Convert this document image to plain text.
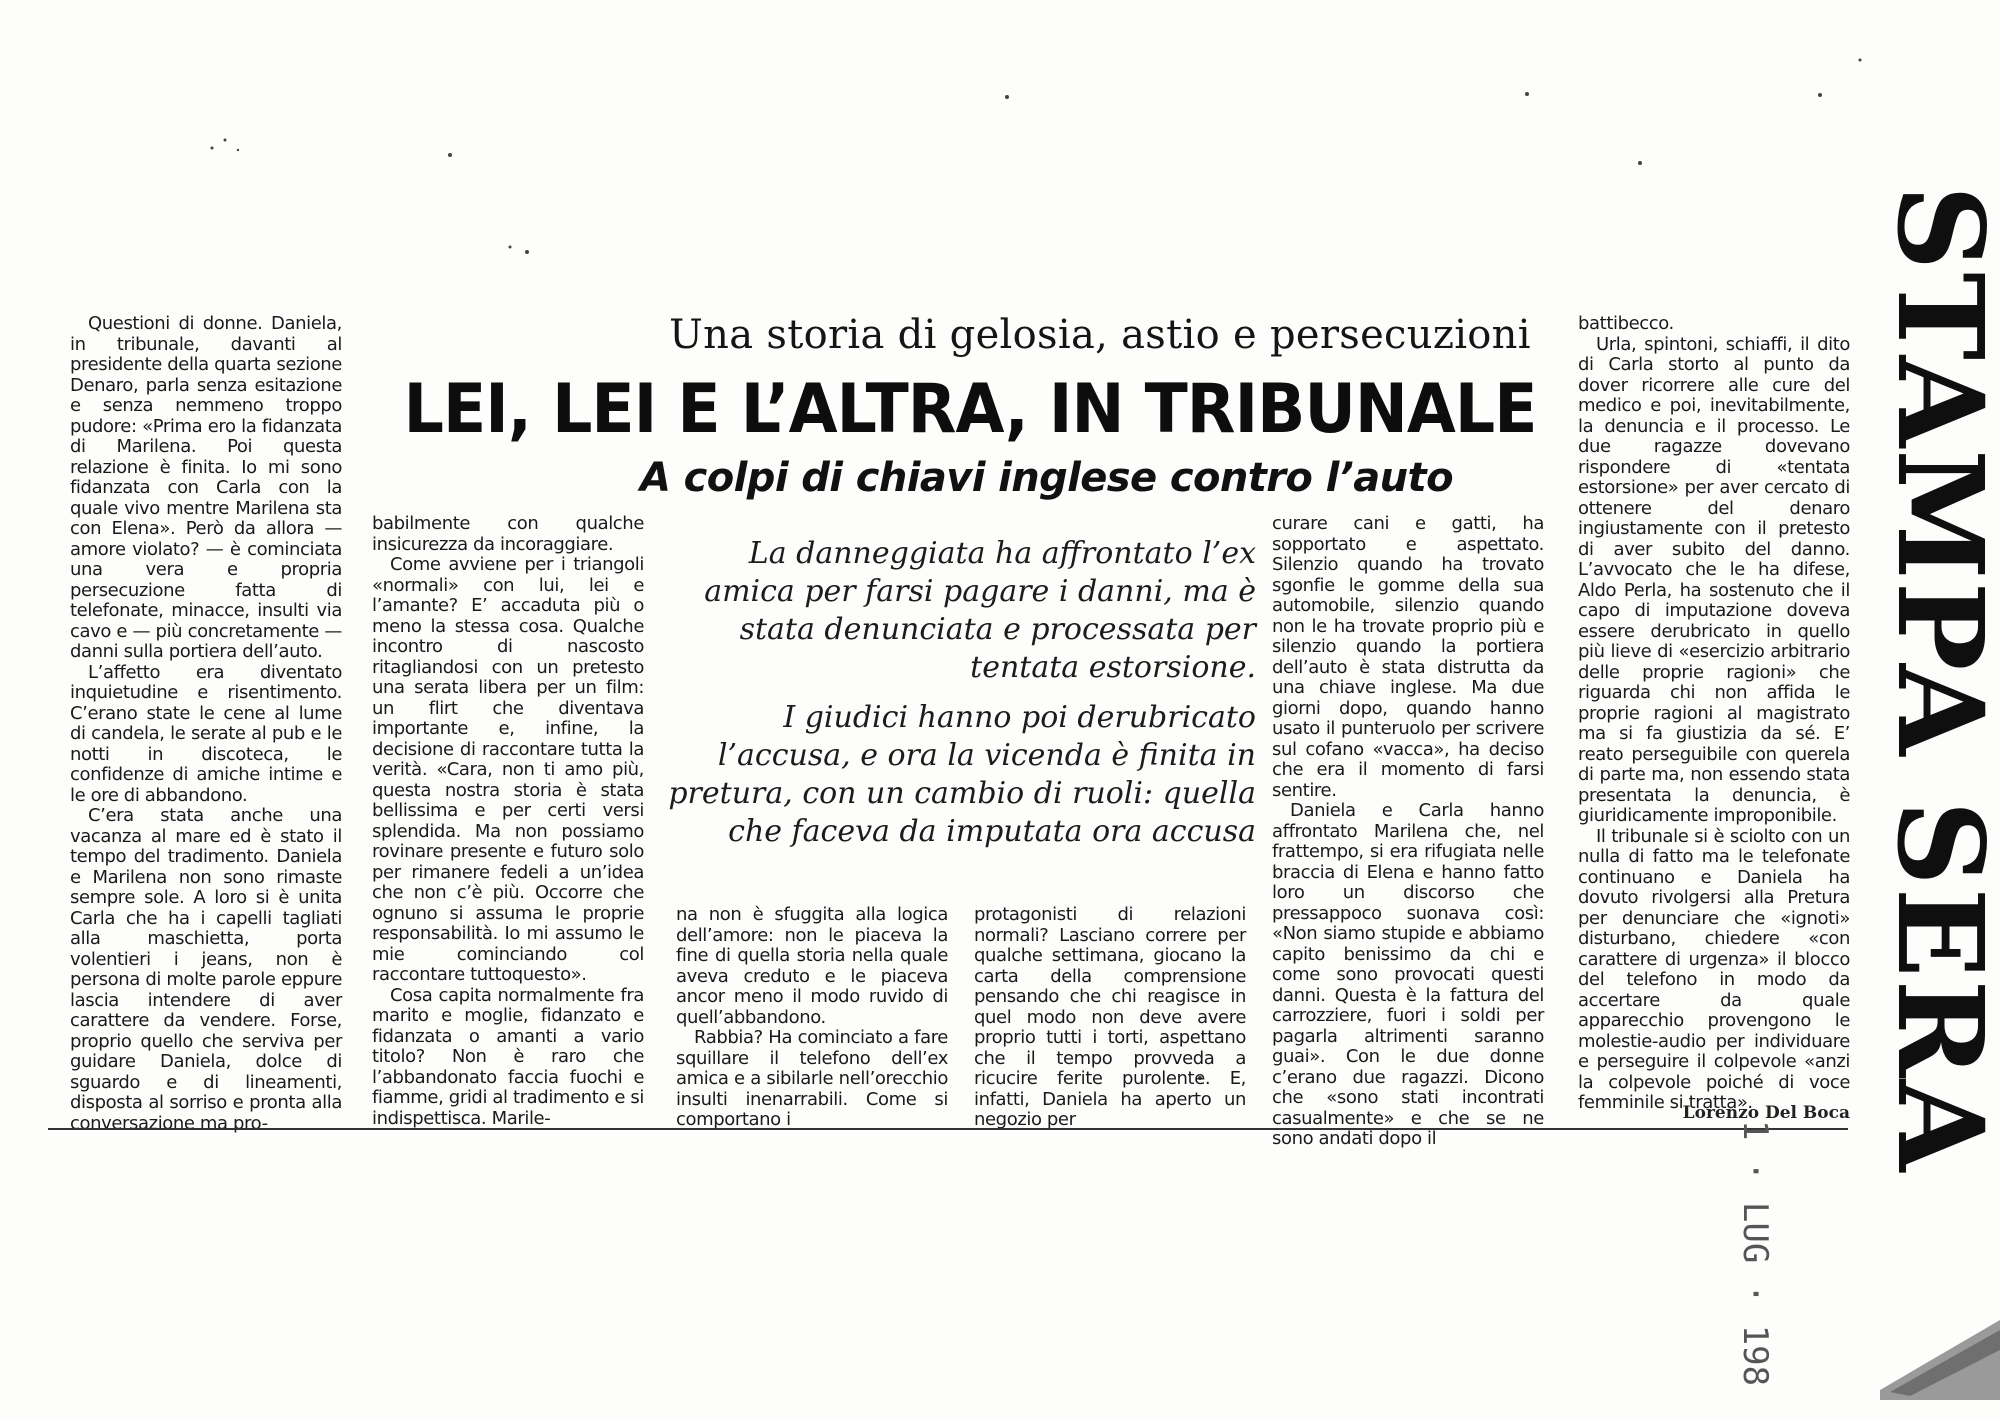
Una storia di gelosia, astio e persecuzioni
LEI, LEI E L’ALTRA, IN TRIBUNALE
A colpi di chiavi inglese contro l’auto

La danneggiata ha affrontato l’ex amica per farsi pagare i danni, ma è stata denunciata e processata per tentata estorsione.

I giudici hanno poi derubricato l’accusa, e ora la vicenda è finita in pretura, con un cambio di ruoli: quella che faceva da imputata ora accusa

Questioni di donne. Daniela, in tribunale, davanti al presidente della quarta sezione Denaro, parla senza esitazione e senza nemmeno troppo pudore: «Prima ero la fidanzata di Marilena. Poi questa relazione è finita. Io mi sono fidanzata con Carla con la quale vivo mentre Marilena sta con Elena». Però da allora — amore violato? — è cominciata una vera e propria persecuzione fatta di telefonate, minacce, insulti via cavo e — più concretamente — danni sulla portiera dell’auto.

L’affetto era diventato inquietudine e risentimento. C’erano state le cene al lume di candela, le serate al pub e le notti in discoteca, le confidenze di amiche intime e le ore di abbandono.

C’era stata anche una vacanza al mare ed è stato il tempo del tradimento. Daniela e Marilena non sono rimaste sempre sole. A loro si è unita Carla che ha i capelli tagliati alla maschietta, porta volentieri i jeans, non è persona di molte parole eppure lascia intendere di aver carattere da vendere. Forse, proprio quello che serviva per guidare Daniela, dolce di sguardo e di lineamenti, disposta al sorriso e pronta alla conversazione ma pro-

babilmente con qualche insicurezza da incoraggiare.

Come avviene per i triangoli «normali» con lui, lei e l’amante? E’ accaduta più o meno la stessa cosa. Qualche incontro di nascosto ritagliandosi con un pretesto una serata libera per un film: un flirt che diventava importante e, infine, la decisione di raccontare tutta la verità. «Cara, non ti amo più, questa nostra storia è stata bellissima e per certi versi splendida. Ma non possiamo rovinare presente e futuro solo per rimanere fedeli a un’idea che non c’è più. Occorre che ognuno si assuma le proprie responsabilità. Io mi assumo le mie cominciando col raccontare tuttoquesto».

Cosa capita normalmente fra marito e moglie, fidanzato e fidanzata o amanti a vario titolo? Non è raro che l’abbandonato faccia fuochi e fiamme, gridi al tradimento e si indispettisca. Marile-

na non è sfuggita alla logica dell’amore: non le piaceva la fine di quella storia nella quale aveva creduto e le piaceva ancor meno il modo ruvido di quell’abbandono.

Rabbia? Ha cominciato a fare squillare il telefono dell’ex amica e a sibilarle nell’orecchio insulti inenarrabili. Come si comportano i

protagonisti di relazioni normali? Lasciano correre per qualche settimana, giocano la carta della comprensione pensando che chi reagisce in quel modo non deve avere proprio tutti i torti, aspettano che il tempo provveda a ricucire ferite purolente. E, infatti, Daniela ha aperto un negozio per

curare cani e gatti, ha sopportato e aspettato. Silenzio quando ha trovato sgonfie le gomme della sua automobile, silenzio quando non le ha trovate proprio più e silenzio quando la portiera dell’auto è stata distrutta da una chiave inglese. Ma due giorni dopo, quando hanno usato il punteruolo per scrivere sul cofano «vacca», ha deciso che era il momento di farsi sentire.

Daniela e Carla hanno affrontato Marilena che, nel frattempo, si era rifugiata nelle braccia di Elena e hanno fatto loro un discorso che pressappoco suonava così: «Non siamo stupide e abbiamo capito benissimo da chi e come sono provocati questi danni. Questa è la fattura del carrozziere, fuori i soldi per pagarla altrimenti saranno guai». Con le due donne c’erano due ragazzi. Dicono che «sono stati incontrati casualmente» e che se ne sono andati dopo il

battibecco.

Urla, spintoni, schiaffi, il dito di Carla storto al punto da dover ricorrere alle cure del medico e poi, inevitabilmente, la denuncia e il processo. Le due ragazze dovevano rispondere di «tentata estorsione» per aver cercato di ottenere del denaro ingiustamente con il pretesto di aver subito del danno. L’avvocato che le ha difese, Aldo Perla, ha sostenuto che il capo di imputazione doveva essere derubricato in quello più lieve di «esercizio arbitrario delle proprie ragioni» che riguarda chi non affida le proprie ragioni al magistrato ma si fa giustizia da sé. E’ reato perseguibile con querela di parte ma, non essendo stata presentata la denuncia, è giuridicamente improponibile.

Il tribunale si è sciolto con un nulla di fatto ma le telefonate continuano e Daniela ha dovuto rivolgersi alla Pretura per denunciare che «ignoti» disturbano, chiedere «con carattere di urgenza» il blocco del telefono in modo da accertare da quale apparecchio provengono le molestie-audio per individuare e perseguire il colpevole «anzi la colpevole poiché di voce femminile si tratta».

Lorenzo Del Boca STAMPA SERA
1 · LUG · 198
